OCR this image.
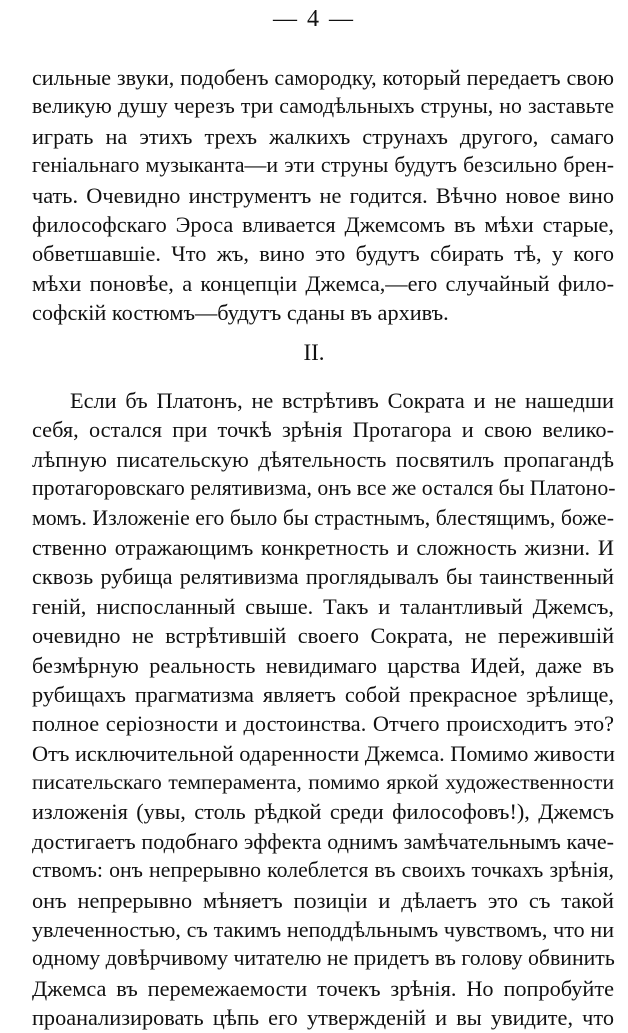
— 4 —
сильные звуки, подобенъ самородку, который передаетъ свою
великую душу черезъ три самодѣльныхъ струны, но заставьте
играть на этихъ трехъ жалкихъ струнахъ другого, самаго
геніальнаго музыканта—и эти струны будутъ безсильно брен-
чать. Очевидно инструментъ не годится. Вѣчно новое вино
философскаго Эроса вливается Джемсомъ въ мѣхи старые,
обветшавшіе. Что жъ, вино это будутъ сбирать тѣ, у кого
мѣхи поновѣе, а концепціи Джемса,—его случайный фило-
софскій костюмъ—будутъ сданы въ архивъ.
II.
Если бъ Платонъ, не встрѣтивъ Сократа и не нашедши
себя, остался при точкѣ зрѣнія Протагора и свою велико-
лѣпную писательскую дѣятельность посвятилъ пропагандѣ
протагоровскаго релятивизма, онъ все же остался бы Платоно-
момъ. Изложеніе его было бы страстнымъ, блестящимъ, боже-
ственно отражающимъ конкретность и сложность жизни. И
сквозь рубища релятивизма проглядывалъ бы таинственный
геній, ниспосланный свыше. Такъ и талантливый Джемсъ,
очевидно не встрѣтившій своего Сократа, не пережившій
безмѣрную реальность невидимаго царства Идей, даже въ
рубищахъ прагматизма являетъ собой прекрасное зрѣлище,
полное серіозности и достоинства. Отчего происходитъ это?
Отъ исключительной одаренности Джемса. Помимо живости
писательскаго темперамента, помимо яркой художественности
изложенія (увы, столь рѣдкой среди философовъ!), Джемсъ
достигаетъ подобнаго эффекта однимъ замѣчательнымъ каче-
ствомъ: онъ непрерывно колеблется въ своихъ точкахъ зрѣнія,
онъ непрерывно мѣняетъ позиціи и дѣлаетъ это съ такой
увлеченностью, съ такимъ неподдѣльнымъ чувствомъ, что ни
одному довѣрчивому читателю не придетъ въ голову обвинить
Джемса въ перемежаемости точекъ зрѣнія. Но попробуйте
проанализировать цѣпь его утвержденій и вы увидите, что
